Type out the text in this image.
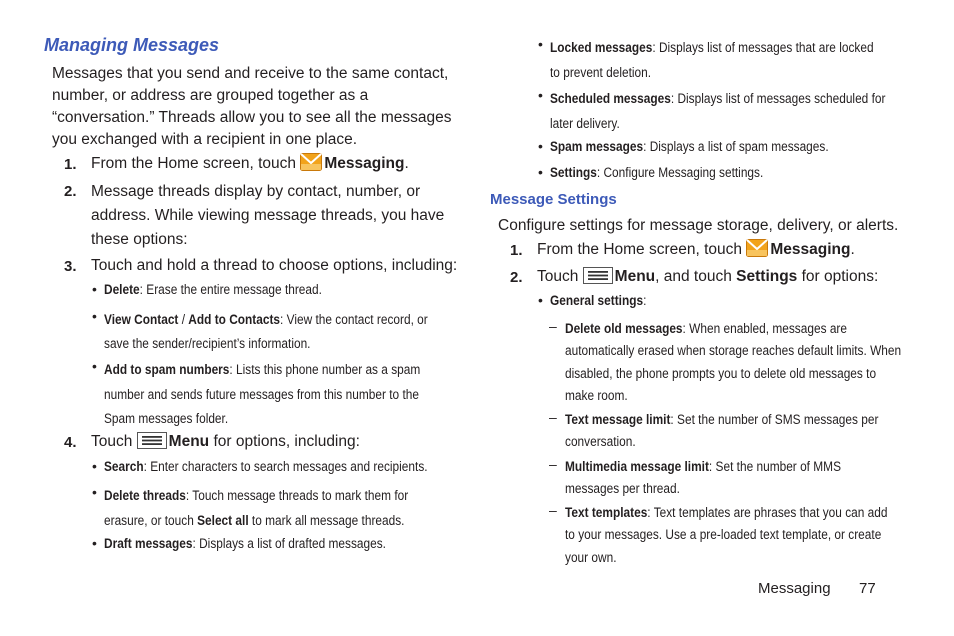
Managing Messages
Messages that you send and receive to the same contact,
number, or address are grouped together as a
“conversation.” Threads allow you to see all the messages
you exchanged with a recipient in one place.
1. From the Home screen, touch Messaging.
2. Message threads display by contact, number, or
address. While viewing message threads, you have
these options:
3. Touch and hold a thread to choose options, including:
• Delete: Erase the entire message thread.
• View Contact / Add to Contacts: View the contact record, or
save the sender/recipient’s information.
• Add to spam numbers: Lists this phone number as a spam
number and sends future messages from this number to the
Spam messages folder.
4. Touch Menu for options, including:
• Search: Enter characters to search messages and recipients.
• Delete threads: Touch message threads to mark them for
erasure, or touch Select all to mark all message threads.
• Draft messages: Displays a list of drafted messages.
• Locked messages: Displays list of messages that are locked
to prevent deletion.
• Scheduled messages: Displays list of messages scheduled for
later delivery.
• Spam messages: Displays a list of spam messages.
• Settings: Configure Messaging settings.
Message Settings
Configure settings for message storage, delivery, or alerts.
1. From the Home screen, touch Messaging.
2. Touch Menu, and touch Settings for options:
• General settings:
– Delete old messages: When enabled, messages are
automatically erased when storage reaches default limits. When
disabled, the phone prompts you to delete old messages to
make room.
– Text message limit: Set the number of SMS messages per
conversation.
– Multimedia message limit: Set the number of MMS
messages per thread.
– Text templates: Text templates are phrases that you can add
to your messages. Use a pre-loaded text template, or create
your own.
Messaging 77
